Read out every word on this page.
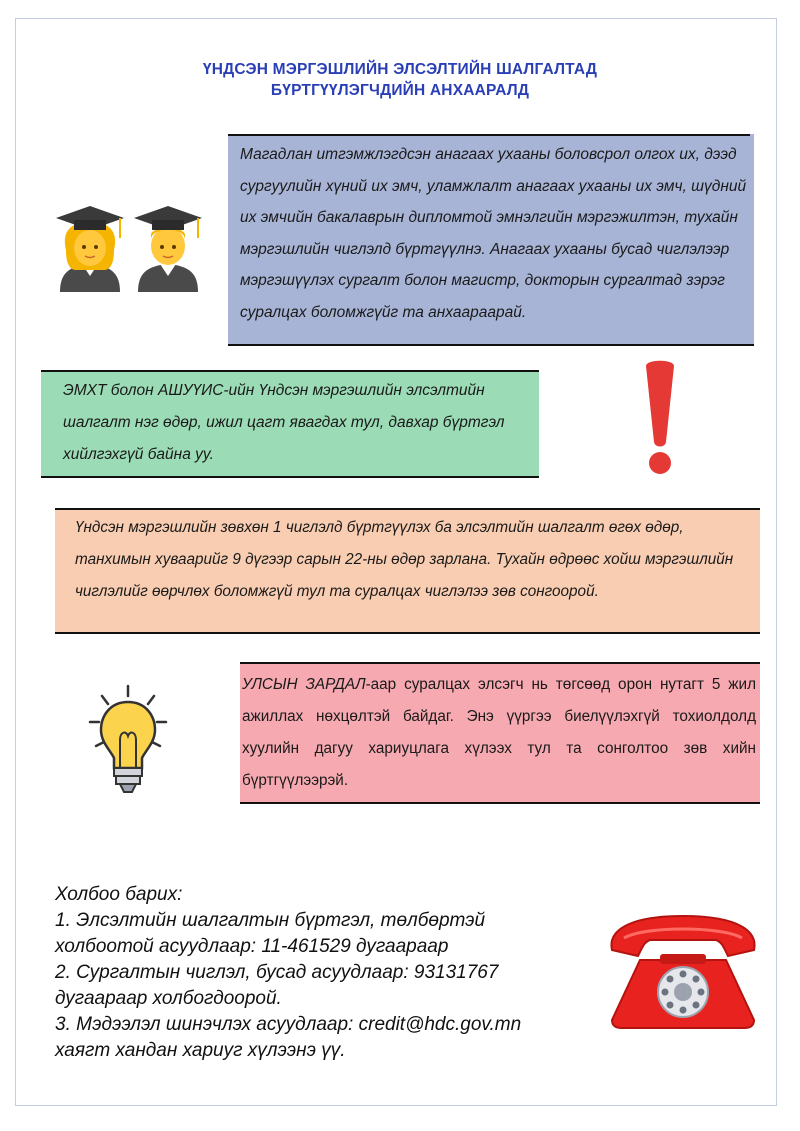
ҮНДСЭН МЭРГЭШЛИЙН ЭЛСЭЛТИЙН ШАЛГАЛТАД
БҮРТГҮҮЛЭГЧДИЙН АНХААРАЛД

Магадлан итгэмжлэгдсэн анагаах ухааны боловсрол олгох их, дээд сургуулийн хүний их эмч, уламжлалт анагаах ухааны их эмч, шүдний их эмчийн бакалаврын дипломтой эмнэлгийн мэргэжилтэн, тухайн мэргэшлийн чиглэлд бүртгүүлнэ. Анагаах ухааны бусад чиглэлээр мэргэшүүлэх сургалт болон магистр, докторын сургалтад зэрэг суралцах боломжгүйг та анхаараарай.

ЭМХТ болон АШУҮИС-ийн Үндсэн мэргэшлийн элсэлтийн шалгалт нэг өдөр, ижил цагт явагдах тул, давхар бүртгэл хийлгэхгүй байна уу.

Үндсэн мэргэшлийн зөвхөн 1 чиглэлд бүртгүүлэх ба элсэлтийн шалгалт өгөх өдөр, танхимын хуваарийг 9 дүгээр сарын 22-ны өдөр зарлана. Тухайн өдрөөс хойш мэргэшлийн чиглэлийг өөрчлөх боломжгүй тул та суралцах чиглэлээ зөв сонгоорой.

УЛСЫН ЗАРДАЛ-аар суралцах элсэгч нь төгсөөд орон нутагт 5 жил ажиллах нөхцөлтэй байдаг. Энэ үүргээ биелүүлэхгүй тохиолдолд хуулийн дагуу хариуцлага хүлээх тул та сонголтоо зөв хийн бүртгүүлээрэй.

Холбоо барих:
1. Элсэлтийн шалгалтын бүртгэл, төлбөртэй
холбоотой асуудлаар: 11-461529 дугаараар
2. Сургалтын чиглэл, бусад асуудлаар: 93131767
дугаараар холбогдоорой.
3. Мэдээлэл шинэчлэх асуудлаар: credit@hdc.gov.mn
хаягт хандан хариуг хүлээнэ үү.
